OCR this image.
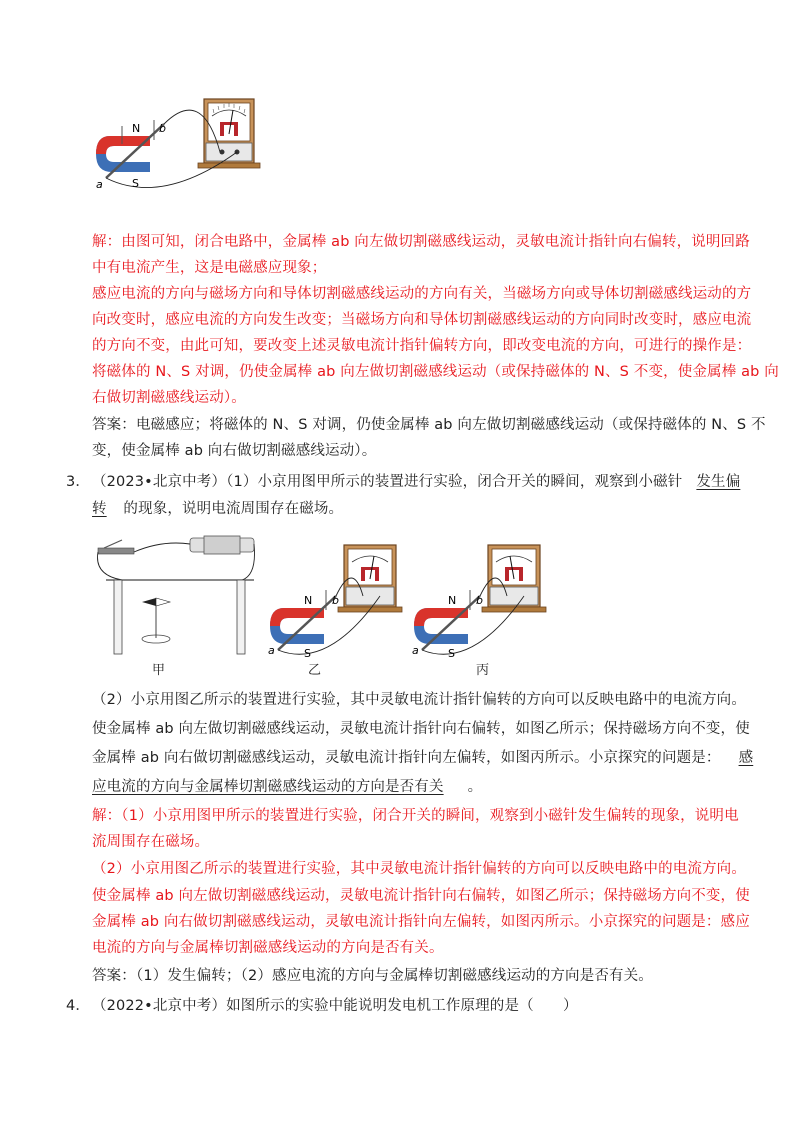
N
S
a
b
解：由图可知，闭合电路中，金属棒 ab 向左做切割磁感线运动，灵敏电流计指针向右偏转，说明回路
中有电流产生，这是电磁感应现象；
感应电流的方向与磁场方向和导体切割磁感线运动的方向有关，当磁场方向或导体切割磁感线运动的方
向改变时，感应电流的方向发生改变；当磁场方向和导体切割磁感线运动的方向同时改变时，感应电流
的方向不变，由此可知，要改变上述灵敏电流计指针偏转方向，即改变电流的方向，可进行的操作是：
将磁体的 N、S 对调，仍使金属棒 ab 向左做切割磁感线运动（或保持磁体的 N、S 不变，使金属棒 ab 向
右做切割磁感线运动）。
答案：电磁感应；将磁体的 N、S 对调，仍使金属棒 ab 向左做切割磁感线运动（或保持磁体的 N、S 不
变，使金属棒 ab 向右做切割磁感线运动）。
3． （2023•北京中考）（1）小京用图甲所示的装置进行实验，闭合开关的瞬间，观察到小磁针 发生偏
转 的现象，说明电流周围存在磁场。
甲
N
S
a
b
乙
N
S
a
b
丙
（2）小京用图乙所示的装置进行实验，其中灵敏电流计指针偏转的方向可以反映电路中的电流方向。
使金属棒 ab 向左做切割磁感线运动，灵敏电流计指针向右偏转，如图乙所示；保持磁场方向不变，使
金属棒 ab 向右做切割磁感线运动，灵敏电流计指针向左偏转，如图丙所示。小京探究的问题是： 感
应电流的方向与金属棒切割磁感线运动的方向是否有关 。
解：（1）小京用图甲所示的装置进行实验，闭合开关的瞬间，观察到小磁针发生偏转的现象，说明电
流周围存在磁场。
（2）小京用图乙所示的装置进行实验，其中灵敏电流计指针偏转的方向可以反映电路中的电流方向。
使金属棒 ab 向左做切割磁感线运动，灵敏电流计指针向右偏转，如图乙所示；保持磁场方向不变，使
金属棒 ab 向右做切割磁感线运动，灵敏电流计指针向左偏转，如图丙所示。小京探究的问题是：感应
电流的方向与金属棒切割磁感线运动的方向是否有关。
答案：（1）发生偏转；（2）感应电流的方向与金属棒切割磁感线运动的方向是否有关。
4． （2022•北京中考）如图所示的实验中能说明发电机工作原理的是（　　）
